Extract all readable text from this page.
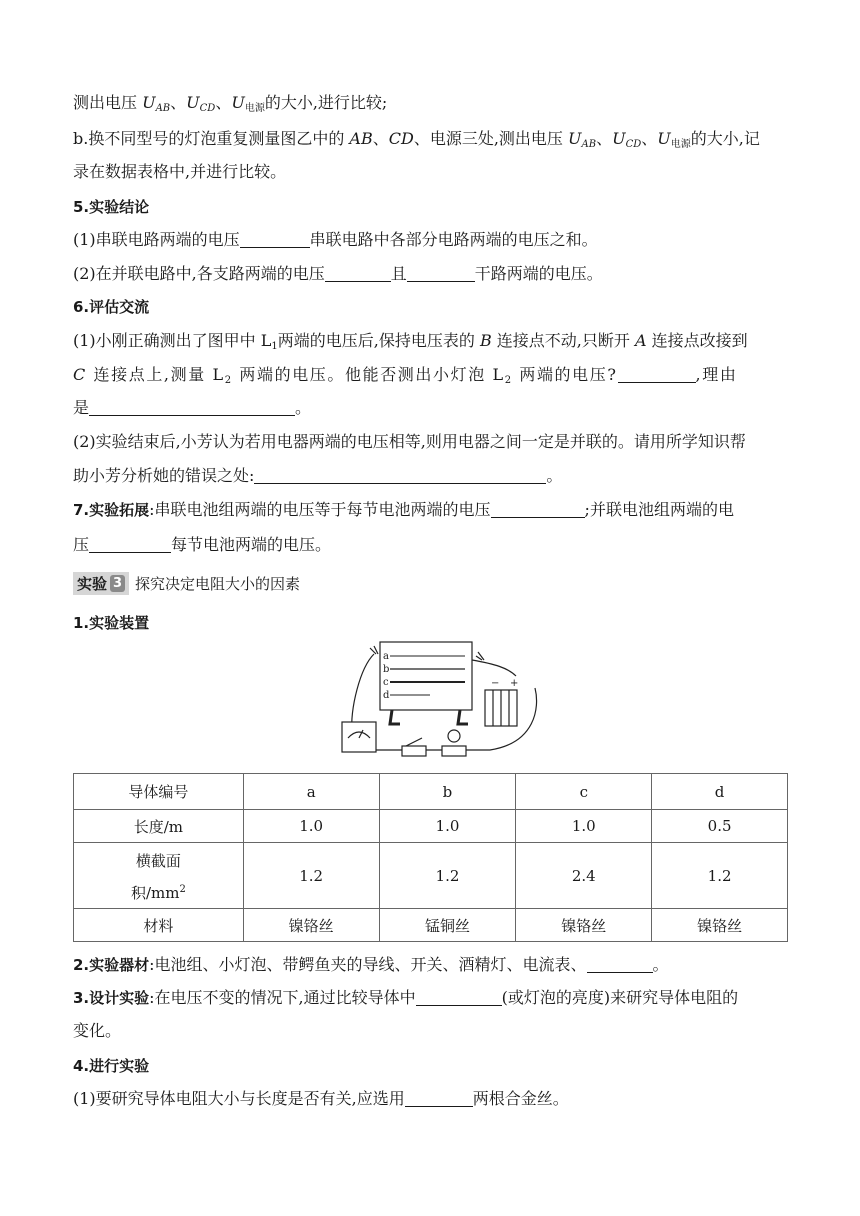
测出电压 $U_{AB}$、$U_{CD}$、U电源的大小,进行比较;
b.换不同型号的灯泡重复测量图乙中的 AB、CD、电源三处,测出电压 $U_{AB}$、$U_{CD}$、U电源的大小,记
录在数据表格中,并进行比较。
5.实验结论
(1)串联电路两端的电压	串联电路中各部分电路两端的电压之和。
(2)在并联电路中,各支路两端的电压	且	干路两端的电压。
6.评估交流
(1)小刚正确测出了图甲中 L1两端的电压后,保持电压表的 B 连接点不动,只断开 A 连接点改接到
C 连接点上,测量 L2 两端的电压。他能否测出小灯泡 L2 两端的电压?	,理由
是	。
(2)实验结束后,小芳认为若用电器两端的电压相等,则用电器之间一定是并联的。请用所学知识帮
助小芳分析她的错误之处:	。
7.实验拓展:串联电池组两端的电压等于每节电池两端的电压	;并联电池组两端的电
压	每节电池两端的电压。
实验 3 探究决定电阻大小的因素
1.实验装置
a
b
c
d
− +
导体编号	a	b	c	d
长度/m	1.0	1.0	1.0	0.5

横截面
积$/mm^2$	1.2	1.2	2.4	1.2
材料	镍铬丝	锰铜丝	镍铬丝	镍铬丝
2.实验器材:电池组、小灯泡、带鳄鱼夹的导线、开关、酒精灯、电流表、	。
3.设计实验:在电压不变的情况下,通过比较导体中	(或灯泡的亮度)来研究导体电阻的
变化。
4.进行实验
(1)要研究导体电阻大小与长度是否有关,应选用	两根合金丝。
